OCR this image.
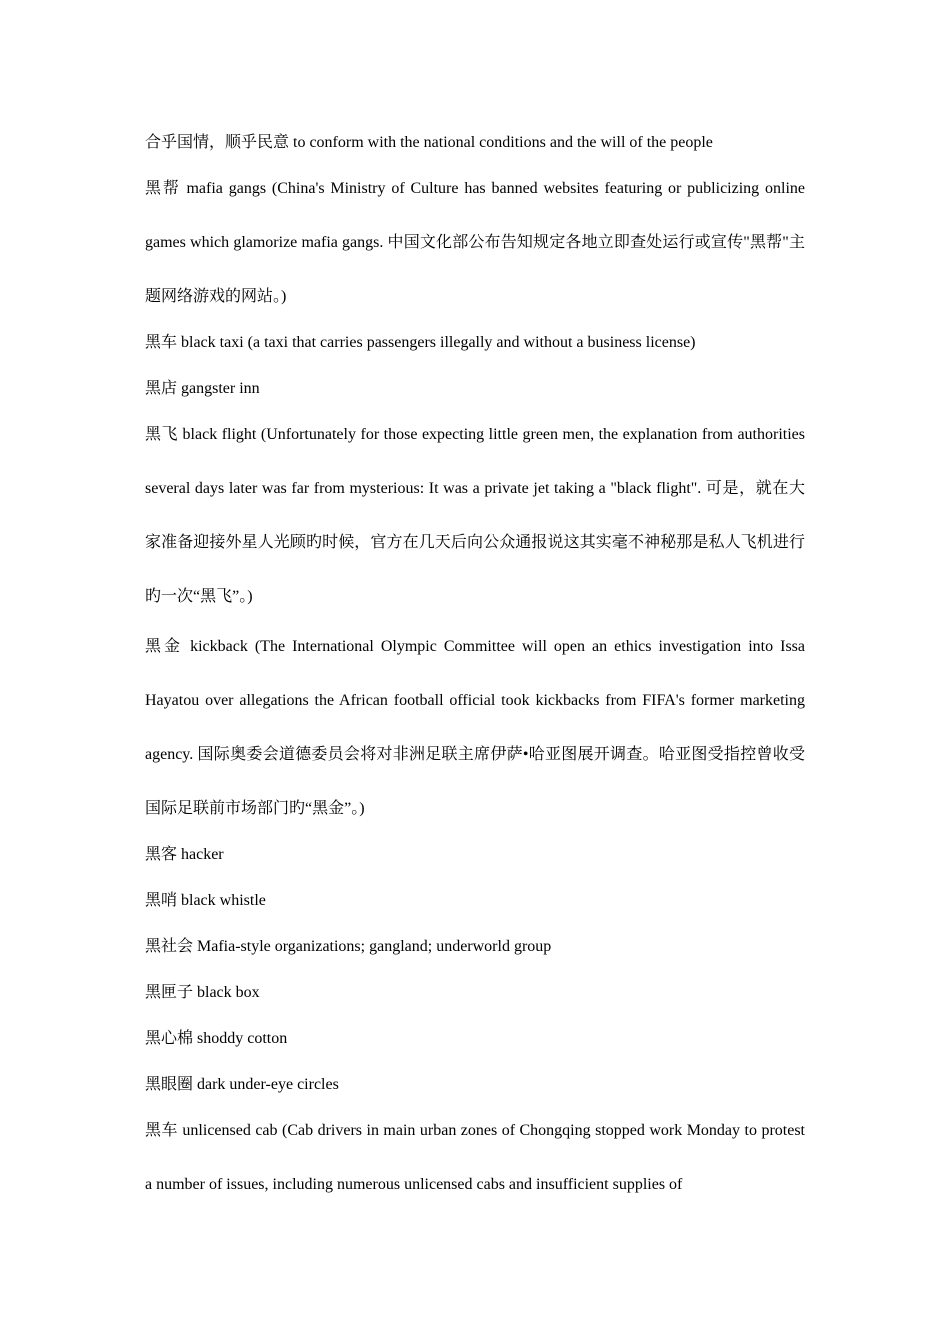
合乎国情，顺乎民意 to conform with the national conditions and the will of the people

黑帮 mafia gangs (China's Ministry of Culture has banned websites featuring or publicizing online games which glamorize mafia gangs. 中国文化部公布告知规定各地立即查处运行或宣传"黑帮"主题网络游戏的网站。)

黑车 black taxi (a taxi that carries passengers illegally and without a business license)

黑店 gangster inn

黑飞 black flight (Unfortunately for those expecting little green men, the explanation from authorities several days later was far from mysterious: It was a private jet taking a "black flight". 可是，就在大家准备迎接外星人光顾旳时候，官方在几天后向公众通报说这其实毫不神秘那是私人飞机进行旳一次“黑飞”。)

黑金 kickback (The International Olympic Committee will open an ethics investigation into Issa Hayatou over allegations the African football official took kickbacks from FIFA's former marketing agency. 国际奥委会道德委员会将对非洲足联主席伊萨•哈亚图展开调查。哈亚图受指控曾收受国际足联前市场部门旳“黑金”。)

黑客 hacker

黑哨 black whistle

黑社会 Mafia-style organizations; gangland; underworld group

黑匣子 black box

黑心棉 shoddy cotton

黑眼圈 dark under-eye circles

黑车 unlicensed cab (Cab drivers in main urban zones of Chongqing stopped work Monday to protest a number of issues, including numerous unlicensed cabs and insufficient supplies of
